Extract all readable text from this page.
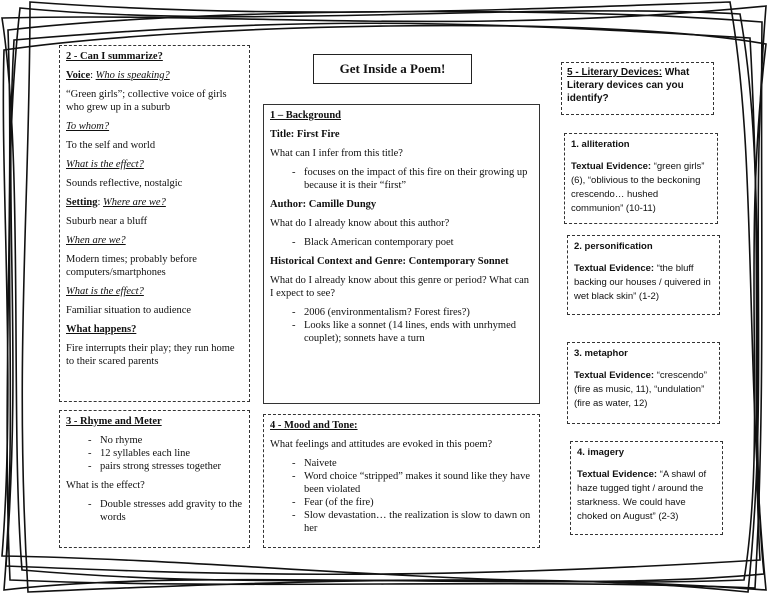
Get Inside a Poem!

2 - Can I summarize?

Voice: Who is speaking?

“Green girls”; collective voice of girls who grew up in a suburb

To whom?

To the self and world

What is the effect?

Sounds reflective, nostalgic

Setting: Where are we?

Suburb near a bluff

When are we?

Modern times; probably before computers/smartphones

What is the effect?

Familiar situation to audience

What happens?

Fire interrupts their play; they run home to their scared parents

3 - Rhyme and Meter

- No rhyme
- 12 syllables each line
- pairs strong stresses together

What is the effect?

- Double stresses add gravity to the words

1 – Background

Title: First Fire

What can I infer from this title?

- focuses on the impact of this fire on their growing up because it is their “first”

Author: Camille Dungy

What do I already know about this author?

- Black American contemporary poet

Historical Context and Genre: Contemporary Sonnet

What do I already know about this genre or period? What can I expect to see?

- 2006 (environmentalism? Forest fires?)
- Looks like a sonnet (14 lines, ends with unrhymed couplet); sonnets have a turn

4 - Mood and Tone:

What feelings and attitudes are evoked in this poem?

- Naivete
- Word choice “stripped” makes it sound like they have been violated
- Fear (of the fire)
- Slow devastation… the realization is slow to dawn on her
5 - Literary Devices: What Literary devices can you identify?
1. alliteration
Textual Evidence: “green girls” (6), “oblivious to the beckoning crescendo… hushed communion” (10-11)
2. personification
Textual Evidence: “the bluff backing our houses / quivered in wet black skin” (1-2)
3. metaphor
Textual Evidence: “crescendo” (fire as music, 11), “undulation” (fire as water, 12)
4. imagery
Textual Evidence: “A shawl of haze tugged tight / around the starkness. We could have choked on August” (2-3)
